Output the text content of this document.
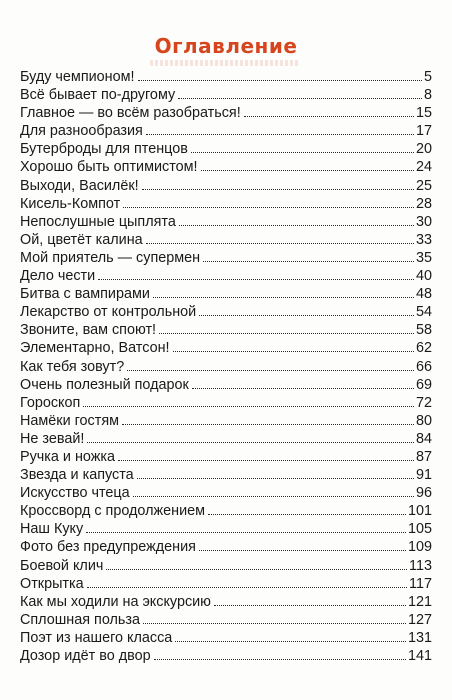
Оглавление
Буду чемпионом!	5
Всё бывает по-другому	8
Главное — во всём разобраться!	15
Для разнообразия	17
Бутерброды для птенцов	20
Хорошо быть оптимистом!	24
Выходи, Василёк!	25
Кисель-Компот	28
Непослушные цыплята	30
Ой, цветёт калина	33
Мой приятель — супермен	35
Дело чести	40
Битва с вампирами	48
Лекарство от контрольной	54
Звоните, вам споют!	58
Элементарно, Ватсон!	62
Как тебя зовут?	66
Очень полезный подарок	69
Гороскоп	72
Намёки гостям	80
Не зевай!	84
Ручка и ножка	87
Звезда и капуста	91
Искусство чтеца	96
Кроссворд с продолжением	101
Наш Куку	105
Фото без предупреждения	109
Боевой клич	113
Открытка	117
Как мы ходили на экскурсию	121
Сплошная польза	127
Поэт из нашего класса	131
Дозор идёт во двор	141
